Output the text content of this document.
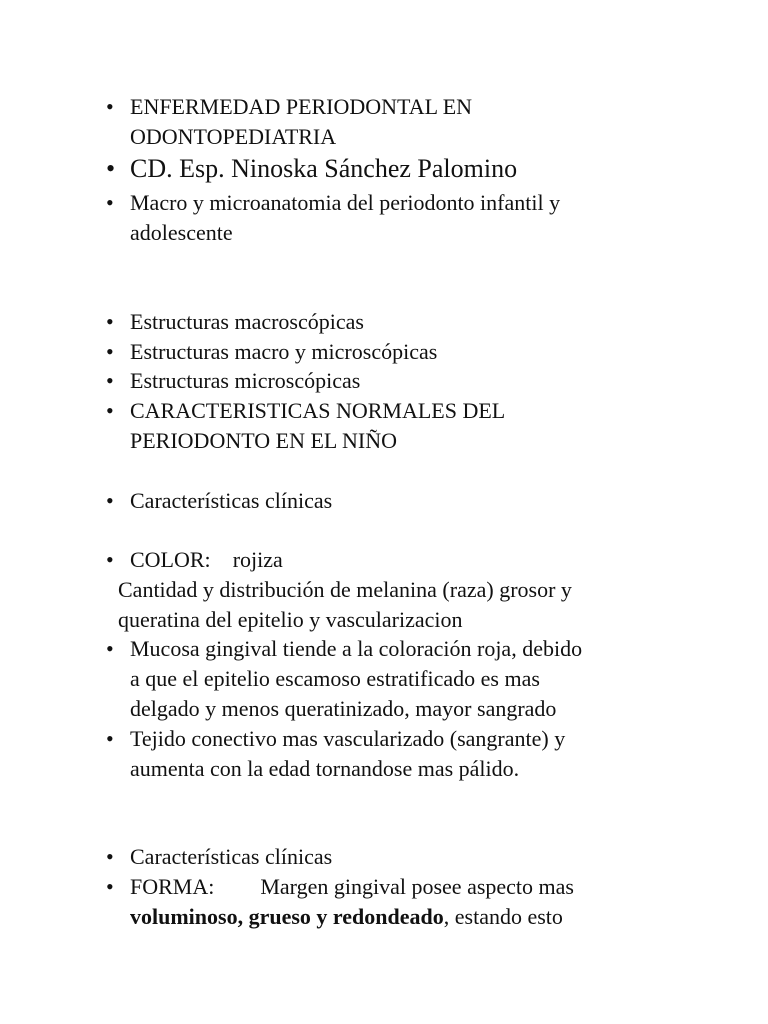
• ENFERMEDAD PERIODONTAL EN
ODONTOPEDIATRIA
• CD. Esp. Ninoska Sánchez Palomino
• Macro y microanatomia del periodonto infantil y
adolescente
• Estructuras macroscópicas
• Estructuras macro y microscópicas
• Estructuras microscópicas
• CARACTERISTICAS NORMALES DEL
PERIODONTO EN EL NIÑO
• Características clínicas
• COLOR: rojiza
Cantidad y distribución de melanina (raza) grosor y
queratina del epitelio y vascularizacion
• Mucosa gingival tiende a la coloración roja, debido
a que el epitelio escamoso estratificado es mas
delgado y menos queratinizado, mayor sangrado
• Tejido conectivo mas vascularizado (sangrante) y
aumenta con la edad tornandose mas pálido.
• Características clínicas
• FORMA: Margen gingival posee aspecto mas
voluminoso, grueso y redondeado, estando esto
